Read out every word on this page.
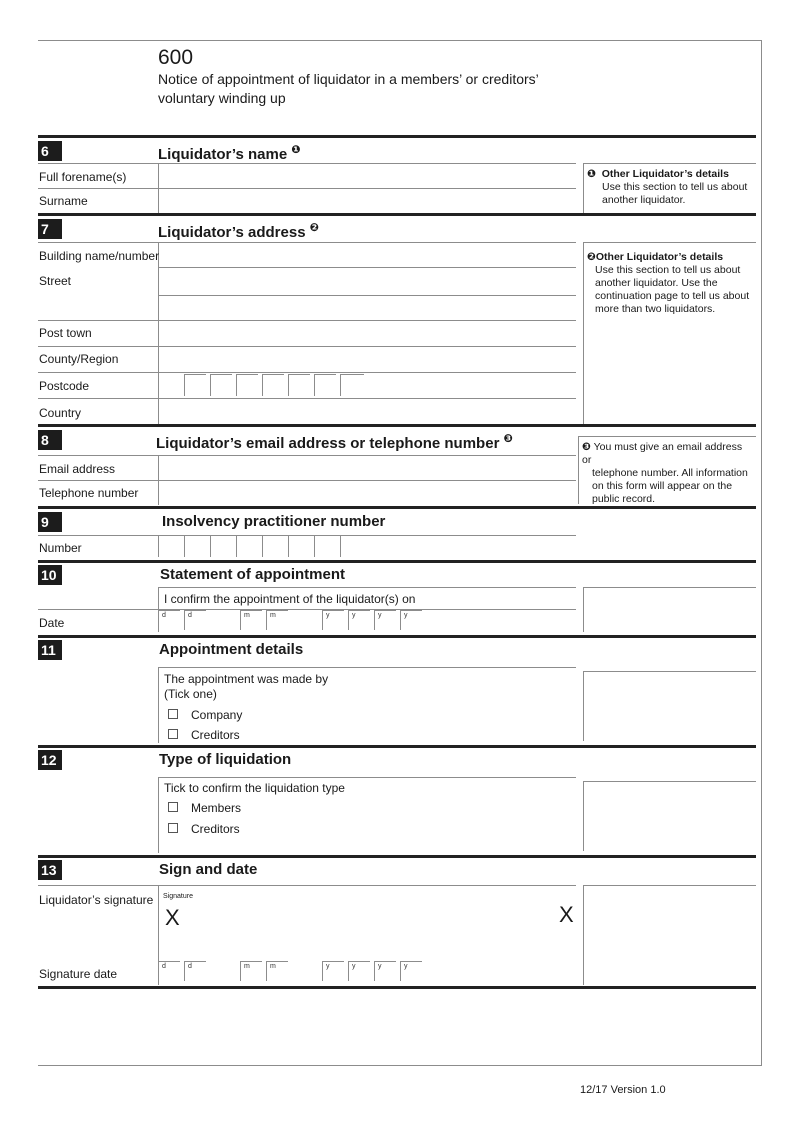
600
Notice of appointment of liquidator in a members’ or creditors’
voluntary winding up
6	Liquidator’s name $^❶$
Full forename(s)
Surname
❶ Other Liquidator’s details
Use this section to tell us about
another liquidator.
7	Liquidator’s address $^❷$
Building name/number
Street
Post town
County/Region
Postcode
Country
❷Other Liquidator’s details
Use this section to tell us about
another liquidator. Use the
continuation page to tell us about
more than two liquidators.
8	Liquidator’s email address or telephone number $^❸$
Email address
Telephone number
❸ You must give an email address or
telephone number. All information
on this form will appear on the
public record.
9	Insolvency practitioner number
Number
10	Statement of appointment
I confirm the appointment of the liquidator(s) on
Date
d	d	m	m	y	y	y	y
11	Appointment details
The appointment was made by
(Tick one)
Company
Creditors
12	Type of liquidation
Tick to confirm the liquidation type
Members
Creditors
13	Sign and date
Liquidator’s signature Signature
X	X
Signature date
d	d	m	m	y	y	y	y
12/17 Version 1.0
